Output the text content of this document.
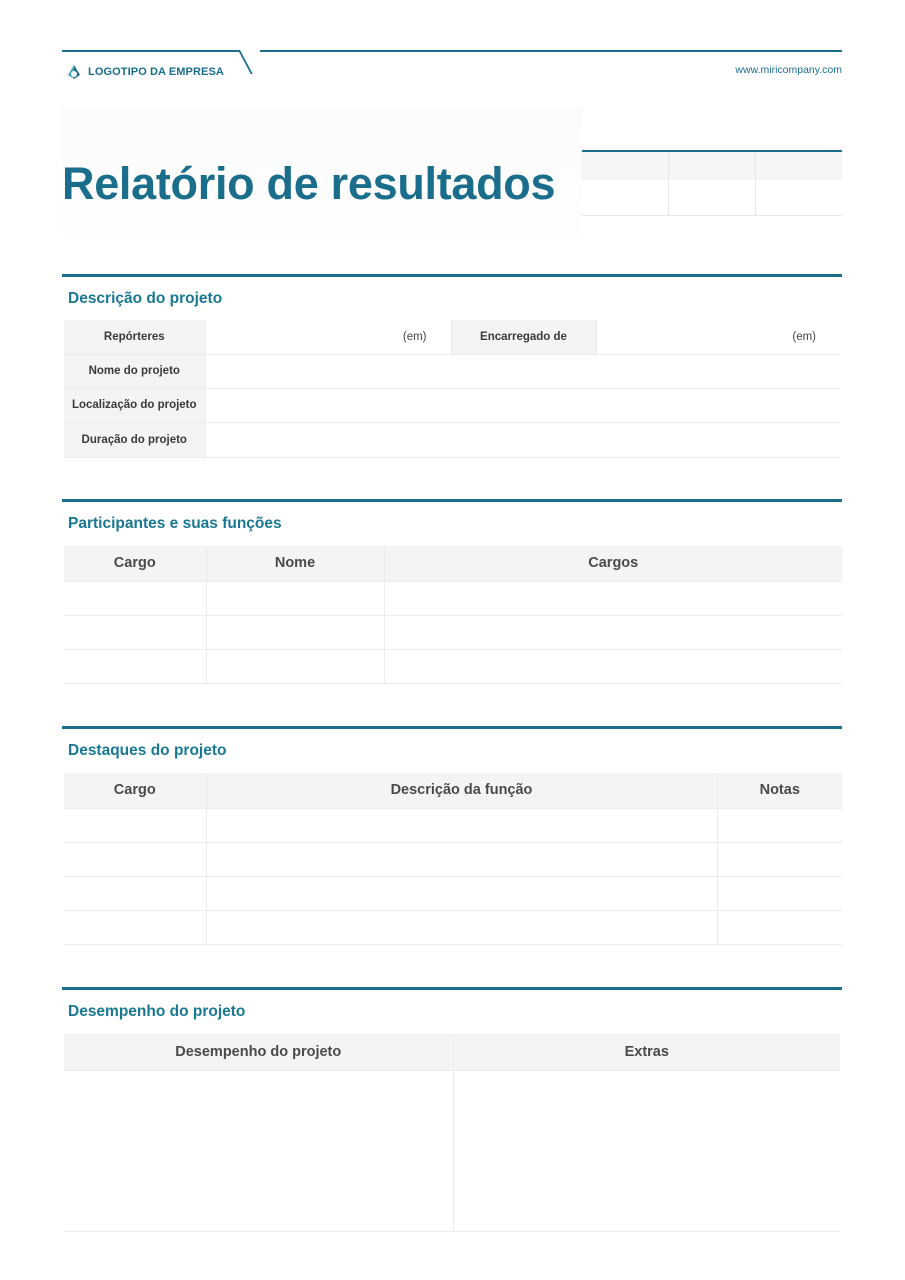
LOGOTIPO DA EMPRESA	www.miricompany.com
Relatório de resultados
Descrição do projeto
Repórteres	(em)	Encarregado de	(em)
Nome do projeto			
Localização do projeto			
Duração do projeto			
Participantes e suas funções
Cargo	Nome	Cargos

Destaques do projeto
Cargo	Descrição da função	Notas

Desempenho do projeto
Desempenho do projeto	Extras
